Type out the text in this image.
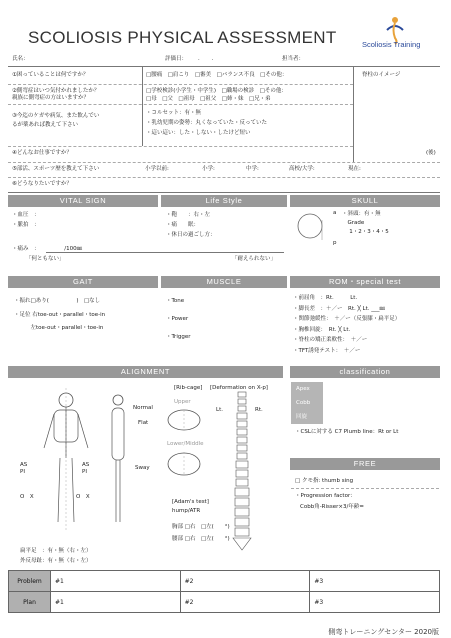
SCOLIOSIS PHYSICAL ASSESSMENT	Scoliosis Training
氏名：	評価日： ．　　．	担当者：
①困っていることは何ですか？	□腰痛　□肩こり　□審美　□バランス不良　□その他：	脊柱のイメージ
②側弯症はいつ気付かれましたか？
親族に側弯症の方はいますか？
□学校検診(小学生・中学生)　□職場の検診　□その他：
□母　□父　□祖母　□祖父　□姉・妹　□兄・弟
③今迄のケガや病気、また飲んでい
るが薬あれば教えて下さい
・コルセット：有・無
・乳幼児期の姿勢：丸くなっていた・反っていた
・這い這い：した・しない・したけど短い
④どんなお仕事ですか？	(後)
⑤部活、スポーツ歴を教えて下さい	小学以前:	小学:	中学:	高校/大学:	現在:
⑥どうなりたいですか？
VITAL SIGN	Life Style	SKULL
・血圧　：
・脈拍　：
・鞄　　：右・左
・痛　　眠：
・休日の過ごし方：
a
p
・斜頭：有・無
　Grade
　 1・2・3・4・5
・痛み　：　　　　　/100㎜
「何ともない」	「耐えられない」
GAIT	MUSCLE	ROM・special test
・振れ□あり(　　　　　)　□なし
・足位 右toe-out・parallel・toe-in
　　　左toe-out・parallel・toe-in
・Tone
・Power
・Trigger
・前屈角　：Rt.　　　Lt.
・脚長差　：＋／ー　Rt. ╳ Lt. ___㎜
・関節弛緩性：　＋／ー（反張膝・扁平足）
・胸椎回旋：　Rt. ╳ Lt.
・脊柱の矯正柔軟性：　＋／ー
・TFT誘発テスト：　＋／ー
ALIGNMENT	classification
Normal
Flat
Sway
AS
PI
AS
PI
O　X	O　X
扁平足　：有・無（右・左）
外反母趾：有・無（右・左）
[Rib-cage] [Deformation on X-p]
Upper
Lower/Middle
Lt.	Rt.
[Adam's test]
hump/ATR
胸部 □右　□左(　　°)
腰部 □右　□左(　　°)
Apex
Cobb
回旋
・CSLに対する C7 Plumb line：Rt or Lt
FREE
□ クモ指: thumb sing
・Progression factor：
Cobb角-Risser×3/年齢=
Problem	#1	#2	#3
Plan	#1	#2	#3
側弯トレーニングセンター 2020版
